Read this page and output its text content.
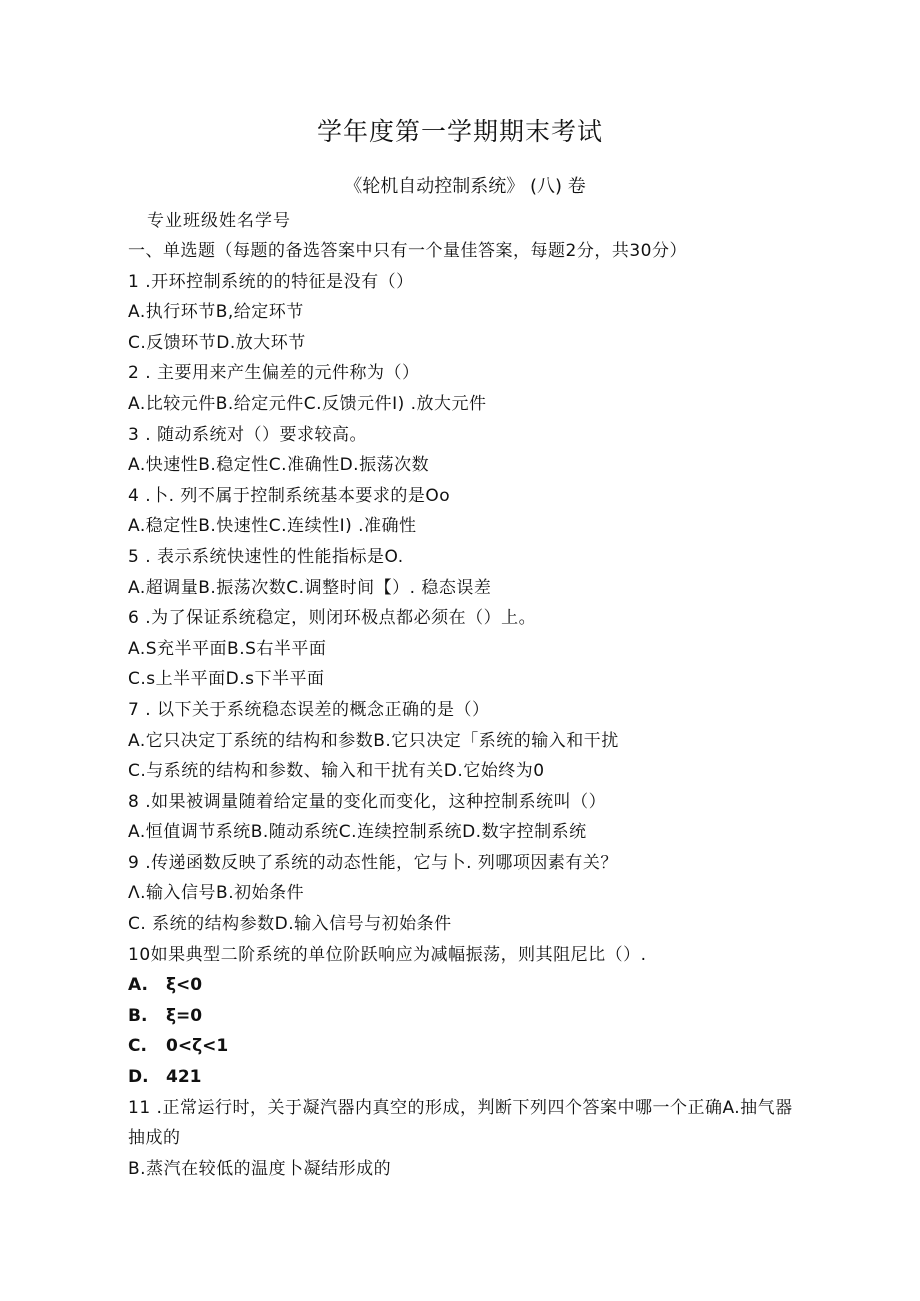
学年度第一学期期末考试
《轮机自动控制系统》 (八) 卷
专业班级姓名学号
一、单选题（每题的备选答案中只有一个量佳答案，每题2分，共30分）
1 .开环控制系统的的特征是没有（）
A.执行环节B,给定环节
C.反馈环节D.放大环节
2 . 主要用来产生偏差的元件称为（）
A.比较元件B.给定元件C.反馈元件I) .放大元件
3 . 随动系统对（）要求较高。
A.快速性B.稳定性C.准确性D.振荡次数
4 .卜. 列不属于控制系统基本要求的是Oo
A.稳定性B.快速性C.连续性I) .准确性
5 . 表示系统快速性的性能指标是O.
A.超调量B.振荡次数C.调整时间【）. 稳态误差
6 .为了保证系统稳定，则闭环极点都必须在（）上。
A.S充半平面B.S右半平面
C.s上半平面D.s下半平面
7 . 以下关于系统稳态误差的概念正确的是（）
A.它只决定丁系统的结构和参数B.它只决定「系统的输入和干扰
C.与系统的结构和参数、输入和干扰有关D.它始终为0
8 .如果被调量随着给定量的变化而变化，这种控制系统叫（）
A.恒值调节系统B.随动系统C.连续控制系统D.数字控制系统
9 .传递函数反映了系统的动态性能，它与卜. 列哪项因素有关？
Λ.输入信号B.初始条件
C. 系统的结构参数D.输入信号与初始条件
10如果典型二阶系统的单位阶跃响应为减幅振荡，则其阻尼比（）.
A. ξ<0
B. ξ=0
C. 0<ζ<1
D. 421
11 .正常运行时，关于凝汽器内真空的形成，判断下列四个答案中哪一个正确A.抽气器抽成的
B.蒸汽在较低的温度卜凝结形成的
